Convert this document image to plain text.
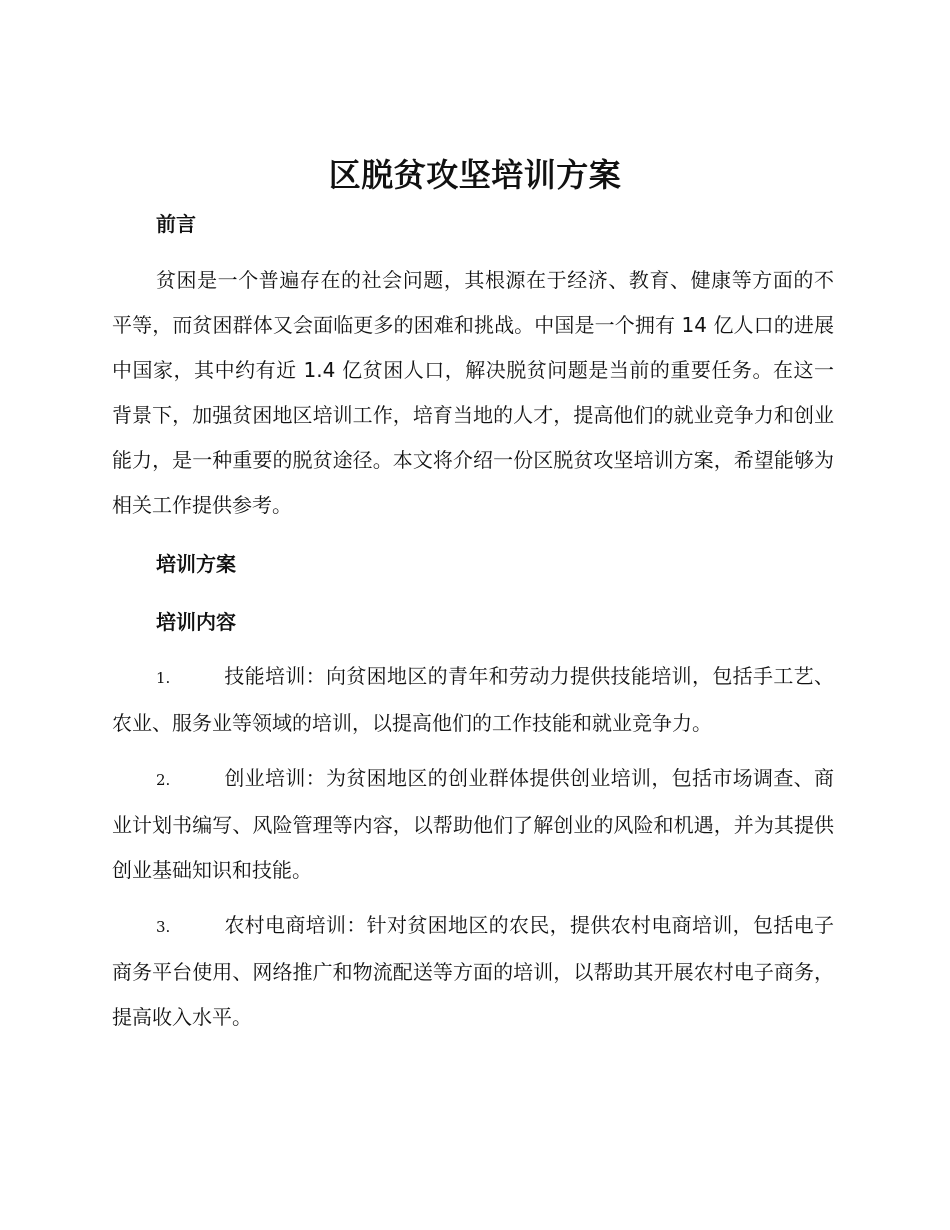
区脱贫攻坚培训方案
前言
贫困是一个普遍存在的社会问题，其根源在于经济、教育、健康等方面的不平等，而贫困群体又会面临更多的困难和挑战。中国是一个拥有 14 亿人口的进展中国家，其中约有近 1.4 亿贫困人口，解决脱贫问题是当前的重要任务。在这一背景下，加强贫困地区培训工作，培育当地的人才，提高他们的就业竞争力和创业能力，是一种重要的脱贫途径。本文将介绍一份区脱贫攻坚培训方案，希望能够为相关工作提供参考。
培训方案
培训内容
1.	技能培训：向贫困地区的青年和劳动力提供技能培训，包括手工艺、农业、服务业等领域的培训，以提高他们的工作技能和就业竞争力。
2.	创业培训：为贫困地区的创业群体提供创业培训，包括市场调查、商业计划书编写、风险管理等内容，以帮助他们了解创业的风险和机遇，并为其提供创业基础知识和技能。
3.	农村电商培训：针对贫困地区的农民，提供农村电商培训，包括电子商务平台使用、网络推广和物流配送等方面的培训，以帮助其开展农村电子商务，提高收入水平。
